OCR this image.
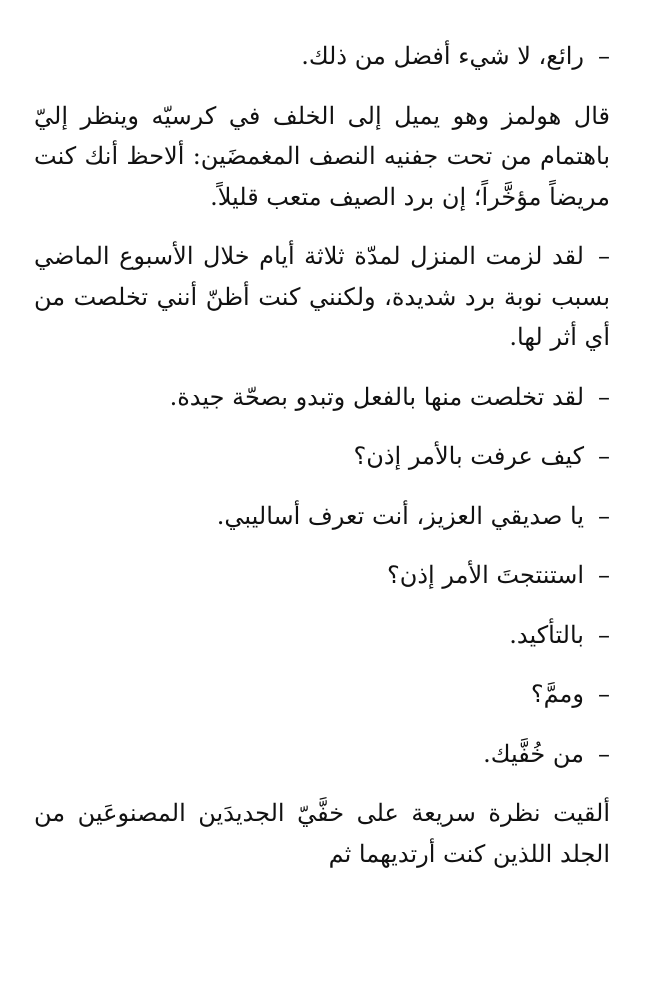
–رائع، لا شيء أفضل من ذلك.

قال هولمز وهو يميل إلى الخلف في كرسيّه وينظر إليّ باهتمام من تحت جفنيه النصف المغمضَين: ألاحظ أنك كنت مريضاً مؤخَّراً؛ إن برد الصيف متعب قليلاً.

–لقد لزمت المنزل لمدّة ثلاثة أيام خلال الأسبوع الماضي بسبب نوبة برد شديدة، ولكنني كنت أظنّ أنني تخلصت من أي أثر لها.

–لقد تخلصت منها بالفعل وتبدو بصحّة جيدة.

–كيف عرفت بالأمر إذن؟

–يا صديقي العزيز، أنت تعرف أساليبي.

–استنتجتَ الأمر إذن؟

–بالتأكيد.

–وممَّ؟

–من خُفَّيك.

ألقيت نظرة سريعة على خفَّيّ الجديدَين المصنوعَين من الجلد اللذين كنت أرتديهما ثم
